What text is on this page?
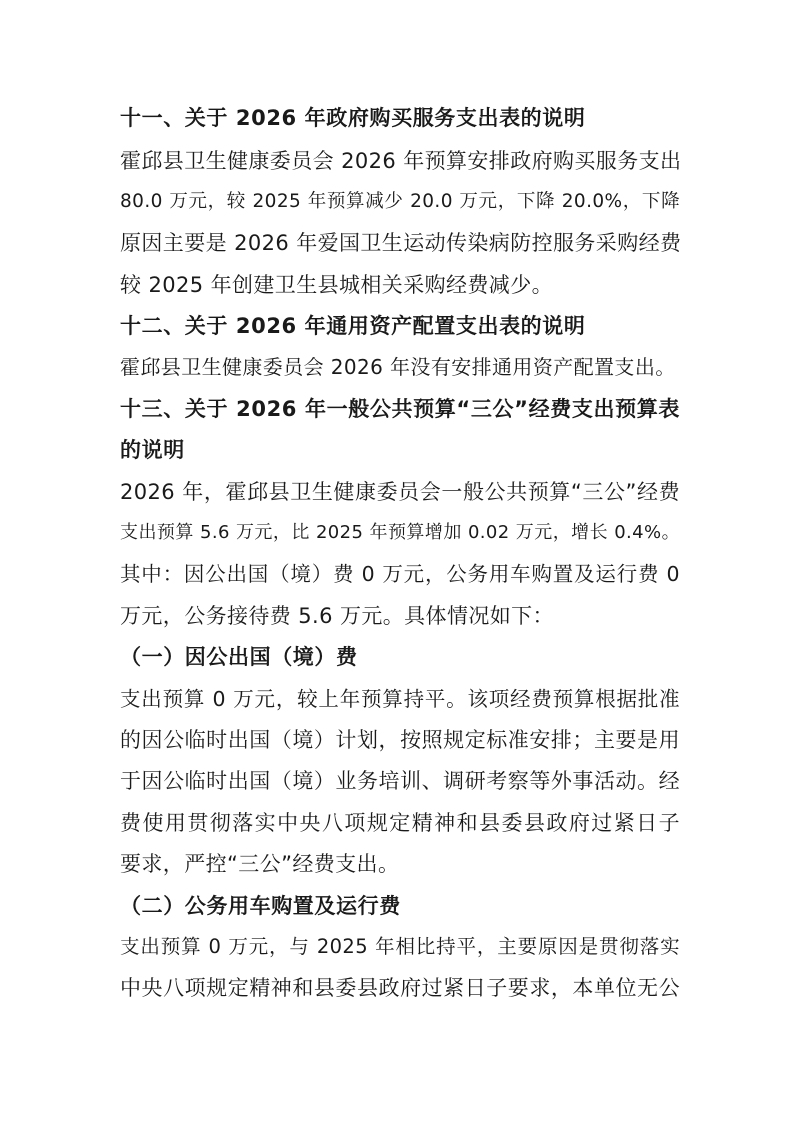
十一、关于 2026 年政府购买服务支出表的说明
霍邱县卫生健康委员会 2026 年预算安排政府购买服务支出
80.0 万元，较 2025 年预算减少 20.0 万元，下降 20.0%，下降
原因主要是 2026 年爱国卫生运动传染病防控服务采购经费
较 2025 年创建卫生县城相关采购经费减少。
十二、关于 2026 年通用资产配置支出表的说明
霍邱县卫生健康委员会 2026 年没有安排通用资产配置支出。
十三、关于 2026 年一般公共预算“三公”经费支出预算表
的说明
2026 年，霍邱县卫生健康委员会一般公共预算“三公”经费
支出预算 5.6 万元，比 2025 年预算增加 0.02 万元，增长 0.4%。
其中：因公出国（境）费 0 万元，公务用车购置及运行费 0
万元，公务接待费 5.6 万元。具体情况如下：
（一）因公出国（境）费
支出预算 0 万元，较上年预算持平。该项经费预算根据批准
的因公临时出国（境）计划，按照规定标准安排；主要是用
于因公临时出国（境）业务培训、调研考察等外事活动。经
费使用贯彻落实中央八项规定精神和县委县政府过紧日子
要求，严控“三公”经费支出。
（二）公务用车购置及运行费
支出预算 0 万元，与 2025 年相比持平，主要原因是贯彻落实
中央八项规定精神和县委县政府过紧日子要求，本单位无公
